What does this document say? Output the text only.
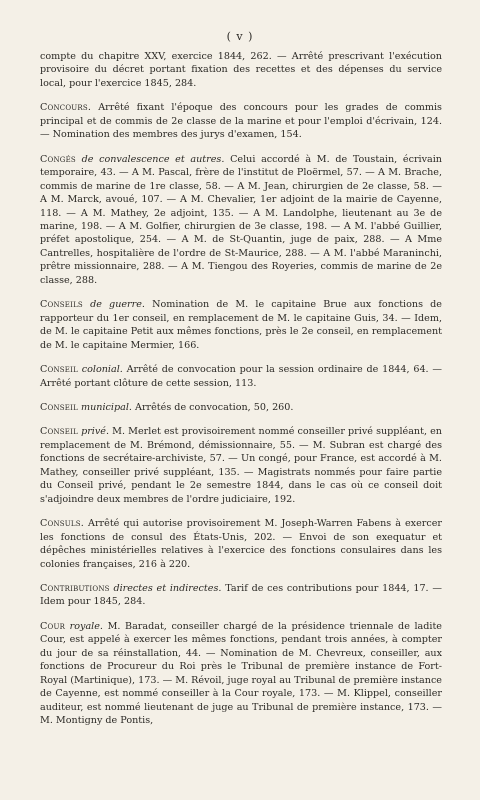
( v )

compte du chapitre XXV, exercice 1844, 262. — Arrêté prescrivant l'exécution provisoire du décret portant fixation des recettes et des dépenses du service local, pour l'exercice 1845, 284.

Concours. Arrêté fixant l'époque des concours pour les grades de commis principal et de commis de 2e classe de la marine et pour l'emploi d'écrivain, 124. — Nomination des membres des jurys d'examen, 154.

Congés de convalescence et autres. Celui accordé à M. de Toustain, écrivain temporaire, 43. — A M. Pascal, frère de l'institut de Ploërmel, 57. — A M. Brache, commis de marine de 1re classe, 58. — A M. Jean, chirurgien de 2e classe, 58. — A M. Marck, avoué, 107. — A M. Chevalier, 1er adjoint de la mairie de Cayenne, 118. — A M. Mathey, 2e adjoint, 135. — A M. Landolphe, lieutenant au 3e de marine, 198. — A M. Golfier, chirurgien de 3e classe, 198. — A M. l'abbé Guillier, préfet apostolique, 254. — A M. de St-Quantin, juge de paix, 288. — A Mme Cantrelles, hospitalière de l'ordre de St-Maurice, 288. — A M. l'abbé Maraninchi, prêtre missionnaire, 288. — A M. Tiengou des Royeries, commis de marine de 2e classe, 288.

Conseils de guerre. Nomination de M. le capitaine Brue aux fonctions de rapporteur du 1er conseil, en remplacement de M. le capitaine Guis, 34. — Idem, de M. le capitaine Petit aux mêmes fonctions, près le 2e conseil, en remplacement de M. le capitaine Mermier, 166.

Conseil colonial. Arrêté de convocation pour la session ordinaire de 1844, 64. — Arrêté portant clôture de cette session, 113.

Conseil municipal. Arrêtés de convocation, 50, 260.

Conseil privé. M. Merlet est provisoirement nommé conseiller privé suppléant, en remplacement de M. Brémond, démissionnaire, 55. — M. Subran est chargé des fonctions de secrétaire-archiviste, 57. — Un congé, pour France, est accordé à M. Mathey, conseiller privé suppléant, 135. — Magistrats nommés pour faire partie du Conseil privé, pendant le 2e semestre 1844, dans le cas où ce conseil doit s'adjoindre deux membres de l'ordre judiciaire, 192.

Consuls. Arrêté qui autorise provisoirement M. Joseph-Warren Fabens à exercer les fonctions de consul des États-Unis, 202. — Envoi de son exequatur et dépêches ministérielles relatives à l'exercice des fonctions consulaires dans les colonies françaises, 216 à 220.

Contributions directes et indirectes. Tarif de ces contributions pour 1844, 17. — Idem pour 1845, 284.

Cour royale. M. Baradat, conseiller chargé de la présidence triennale de ladite Cour, est appelé à exercer les mêmes fonctions, pendant trois années, à compter du jour de sa réinstallation, 44. — Nomination de M. Chevreux, conseiller, aux fonctions de Procureur du Roi près le Tribunal de première instance de Fort-Royal (Martinique), 173. — M. Révoil, juge royal au Tribunal de première instance de Cayenne, est nommé conseiller à la Cour royale, 173. — M. Klippel, conseiller auditeur, est nommé lieutenant de juge au Tribunal de première instance, 173. — M. Montigny de Pontis,
